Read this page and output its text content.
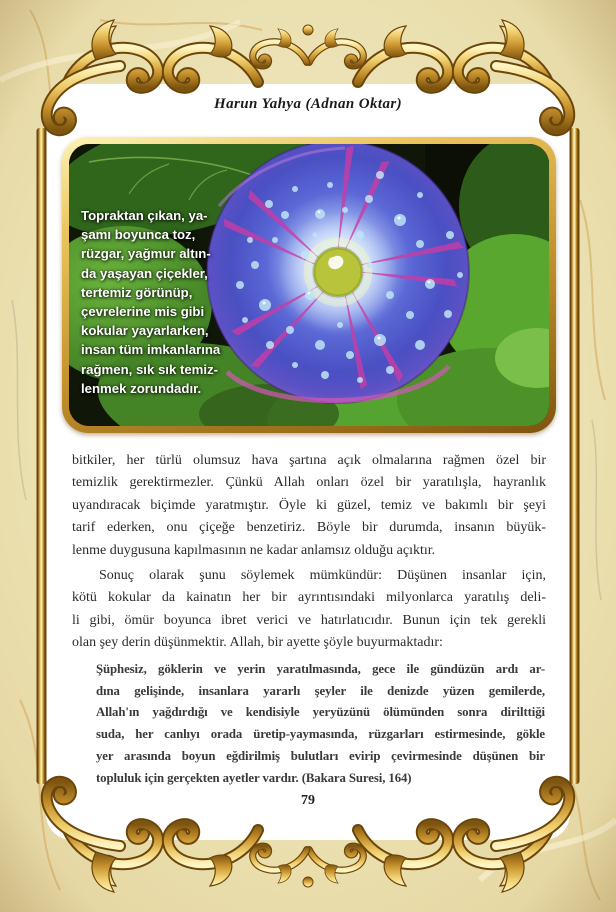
Harun Yahya (Adnan Oktar)
Topraktan çıkan, ya-
şamı boyunca toz,
rüzgar, yağmur altın-
da yaşayan çiçekler,
tertemiz görünüp,
çevrelerine mis gibi
kokular yayarlarken,
insan tüm imkanlarına
rağmen, sık sık temiz-
lenmek zorundadır.
bitkiler, her türlü olumsuz hava şartına açık olmalarına rağmen özel bir
temizlik gerektirmezler. Çünkü Allah onları özel bir yaratılışla, hayranlık
uyandıracak biçimde yaratmıştır. Öyle ki güzel, temiz ve bakımlı bir şeyi
tarif ederken, onu çiçeğe benzetiriz. Böyle bir durumda, insanın büyük-
lenme duygusuna kapılmasının ne kadar anlamsız olduğu açıktır.
Sonuç olarak şunu söylemek mümkündür: Düşünen insanlar için,
kötü kokular da kainatın her bir ayrıntısındaki milyonlarca yaratılış deli-
li gibi, ömür boyunca ibret verici ve hatırlatıcıdır. Bunun için tek gerekli
olan şey derin düşünmektir. Allah, bir ayette şöyle buyurmaktadır:
Şüphesiz, göklerin ve yerin yaratılmasında, gece ile gündüzün ardı ar-
dına gelişinde, insanlara yararlı şeyler ile denizde yüzen gemilerde,
Allah'ın yağdırdığı ve kendisiyle yeryüzünü ölümünden sonra dirilttiği
suda, her canlıyı orada üretip-yaymasında, rüzgarları estirmesinde, gökle
yer arasında boyun eğdirilmiş bulutları evirip çevirmesinde düşünen bir
topluluk için gerçekten ayetler vardır. (Bakara Suresi, 164)
79
